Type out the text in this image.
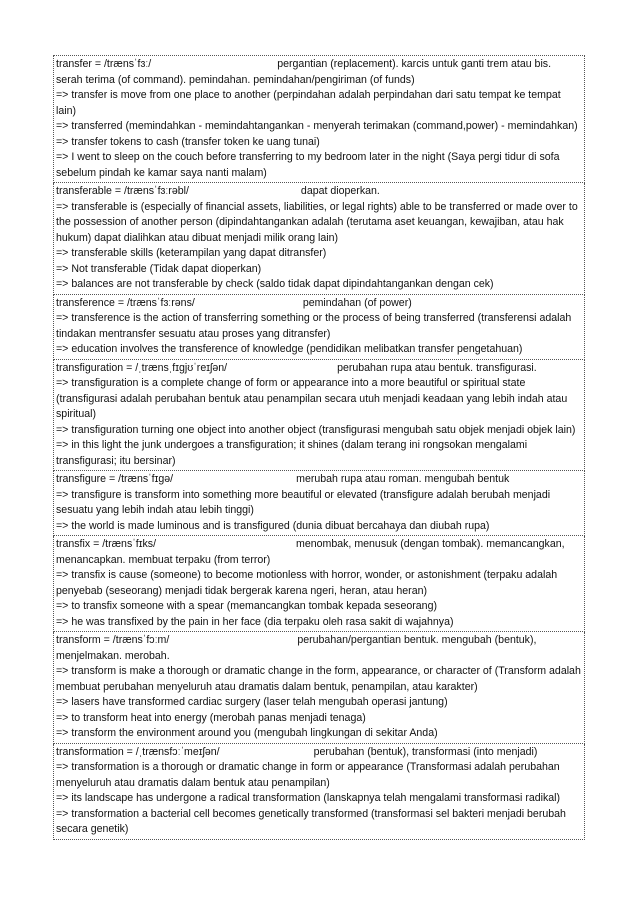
transfer = /trænsˈfɜː/	pergantian (replacement). karcis untuk ganti trem atau bis.
serah terima (of command). pemindahan. pemindahan/pengiriman (of funds)
=> transfer is move from one place to another (perpindahan adalah perpindahan dari satu tempat ke tempat lain)
=> transferred (memindahkan - memindahtangankan - menyerah terimakan (command,power) - memindahkan)
=> transfer tokens to cash (transfer token ke uang tunai)
=> I went to sleep on the couch before transferring to my bedroom later in the night (Saya pergi tidur di sofa sebelum pindah ke kamar saya nanti malam)
transferable = /trænsˈfɜːrəbl/	dapat dioperkan.
=> transferable is (especially of financial assets, liabilities, or legal rights) able to be transferred or made over to the possession of another person (dipindahtangankan adalah (terutama aset keuangan, kewajiban, atau hak hukum) dapat dialihkan atau dibuat menjadi milik orang lain)
=> transferable skills (keterampilan yang dapat ditransfer)
=> Not transferable (Tidak dapat dioperkan)
=> balances are not transferable by check (saldo tidak dapat dipindahtangankan dengan cek)
transference = /trænsˈfɜːrəns/	pemindahan (of power)
=> transference is the action of transferring something or the process of being transferred (transferensi adalah tindakan mentransfer sesuatu atau proses yang ditransfer)
=> education involves the transference of knowledge (pendidikan melibatkan transfer pengetahuan)
transfiguration = /ˌtrænsˌfɪgjʊˈreɪʃən/	perubahan rupa atau bentuk. transfigurasi.
=> transfiguration is a complete change of form or appearance into a more beautiful or spiritual state (transfigurasi adalah perubahan bentuk atau penampilan secara utuh menjadi keadaan yang lebih indah atau spiritual)
=> transfiguration turning one object into another object (transfigurasi mengubah satu objek menjadi objek lain)
=> in this light the junk undergoes a transfiguration; it shines (dalam terang ini rongsokan mengalami transfigurasi; itu bersinar)
transfigure = /trænsˈfɪgə/	merubah rupa atau roman. mengubah bentuk
=> transfigure is transform into something more beautiful or elevated (transfigure adalah berubah menjadi sesuatu yang lebih indah atau lebih tinggi)
=> the world is made luminous and is transfigured (dunia dibuat bercahaya dan diubah rupa)
transfix = /trænsˈfɪks/	menombak, menusuk (dengan tombak). memancangkan,
menancapkan. membuat terpaku (from terror)
=> transfix is cause (someone) to become motionless with horror, wonder, or astonishment (terpaku adalah penyebab (seseorang) menjadi tidak bergerak karena ngeri, heran, atau heran)
=> to transfix someone with a spear (memancangkan tombak kepada seseorang)
=> he was transfixed by the pain in her face (dia terpaku oleh rasa sakit di wajahnya)
transform = /trænsˈfɔːm/	perubahan/pergantian bentuk. mengubah (bentuk),
menjelmakan. merobah.
=> transform is make a thorough or dramatic change in the form, appearance, or character of (Transform adalah membuat perubahan menyeluruh atau dramatis dalam bentuk, penampilan, atau karakter)
=> lasers have transformed cardiac surgery (laser telah mengubah operasi jantung)
=> to transform heat into energy (merobah panas menjadi tenaga)
=> transform the environment around you (mengubah lingkungan di sekitar Anda)
transformation = /ˌtrænsfɔːˈmeɪʃən/	perubahan (bentuk), transformasi (into menjadi)
=> transformation is a thorough or dramatic change in form or appearance (Transformasi adalah perubahan menyeluruh atau dramatis dalam bentuk atau penampilan)
=> its landscape has undergone a radical transformation (lanskapnya telah mengalami transformasi radikal)
=> transformation a bacterial cell becomes genetically transformed (transformasi sel bakteri menjadi berubah secara genetik)
